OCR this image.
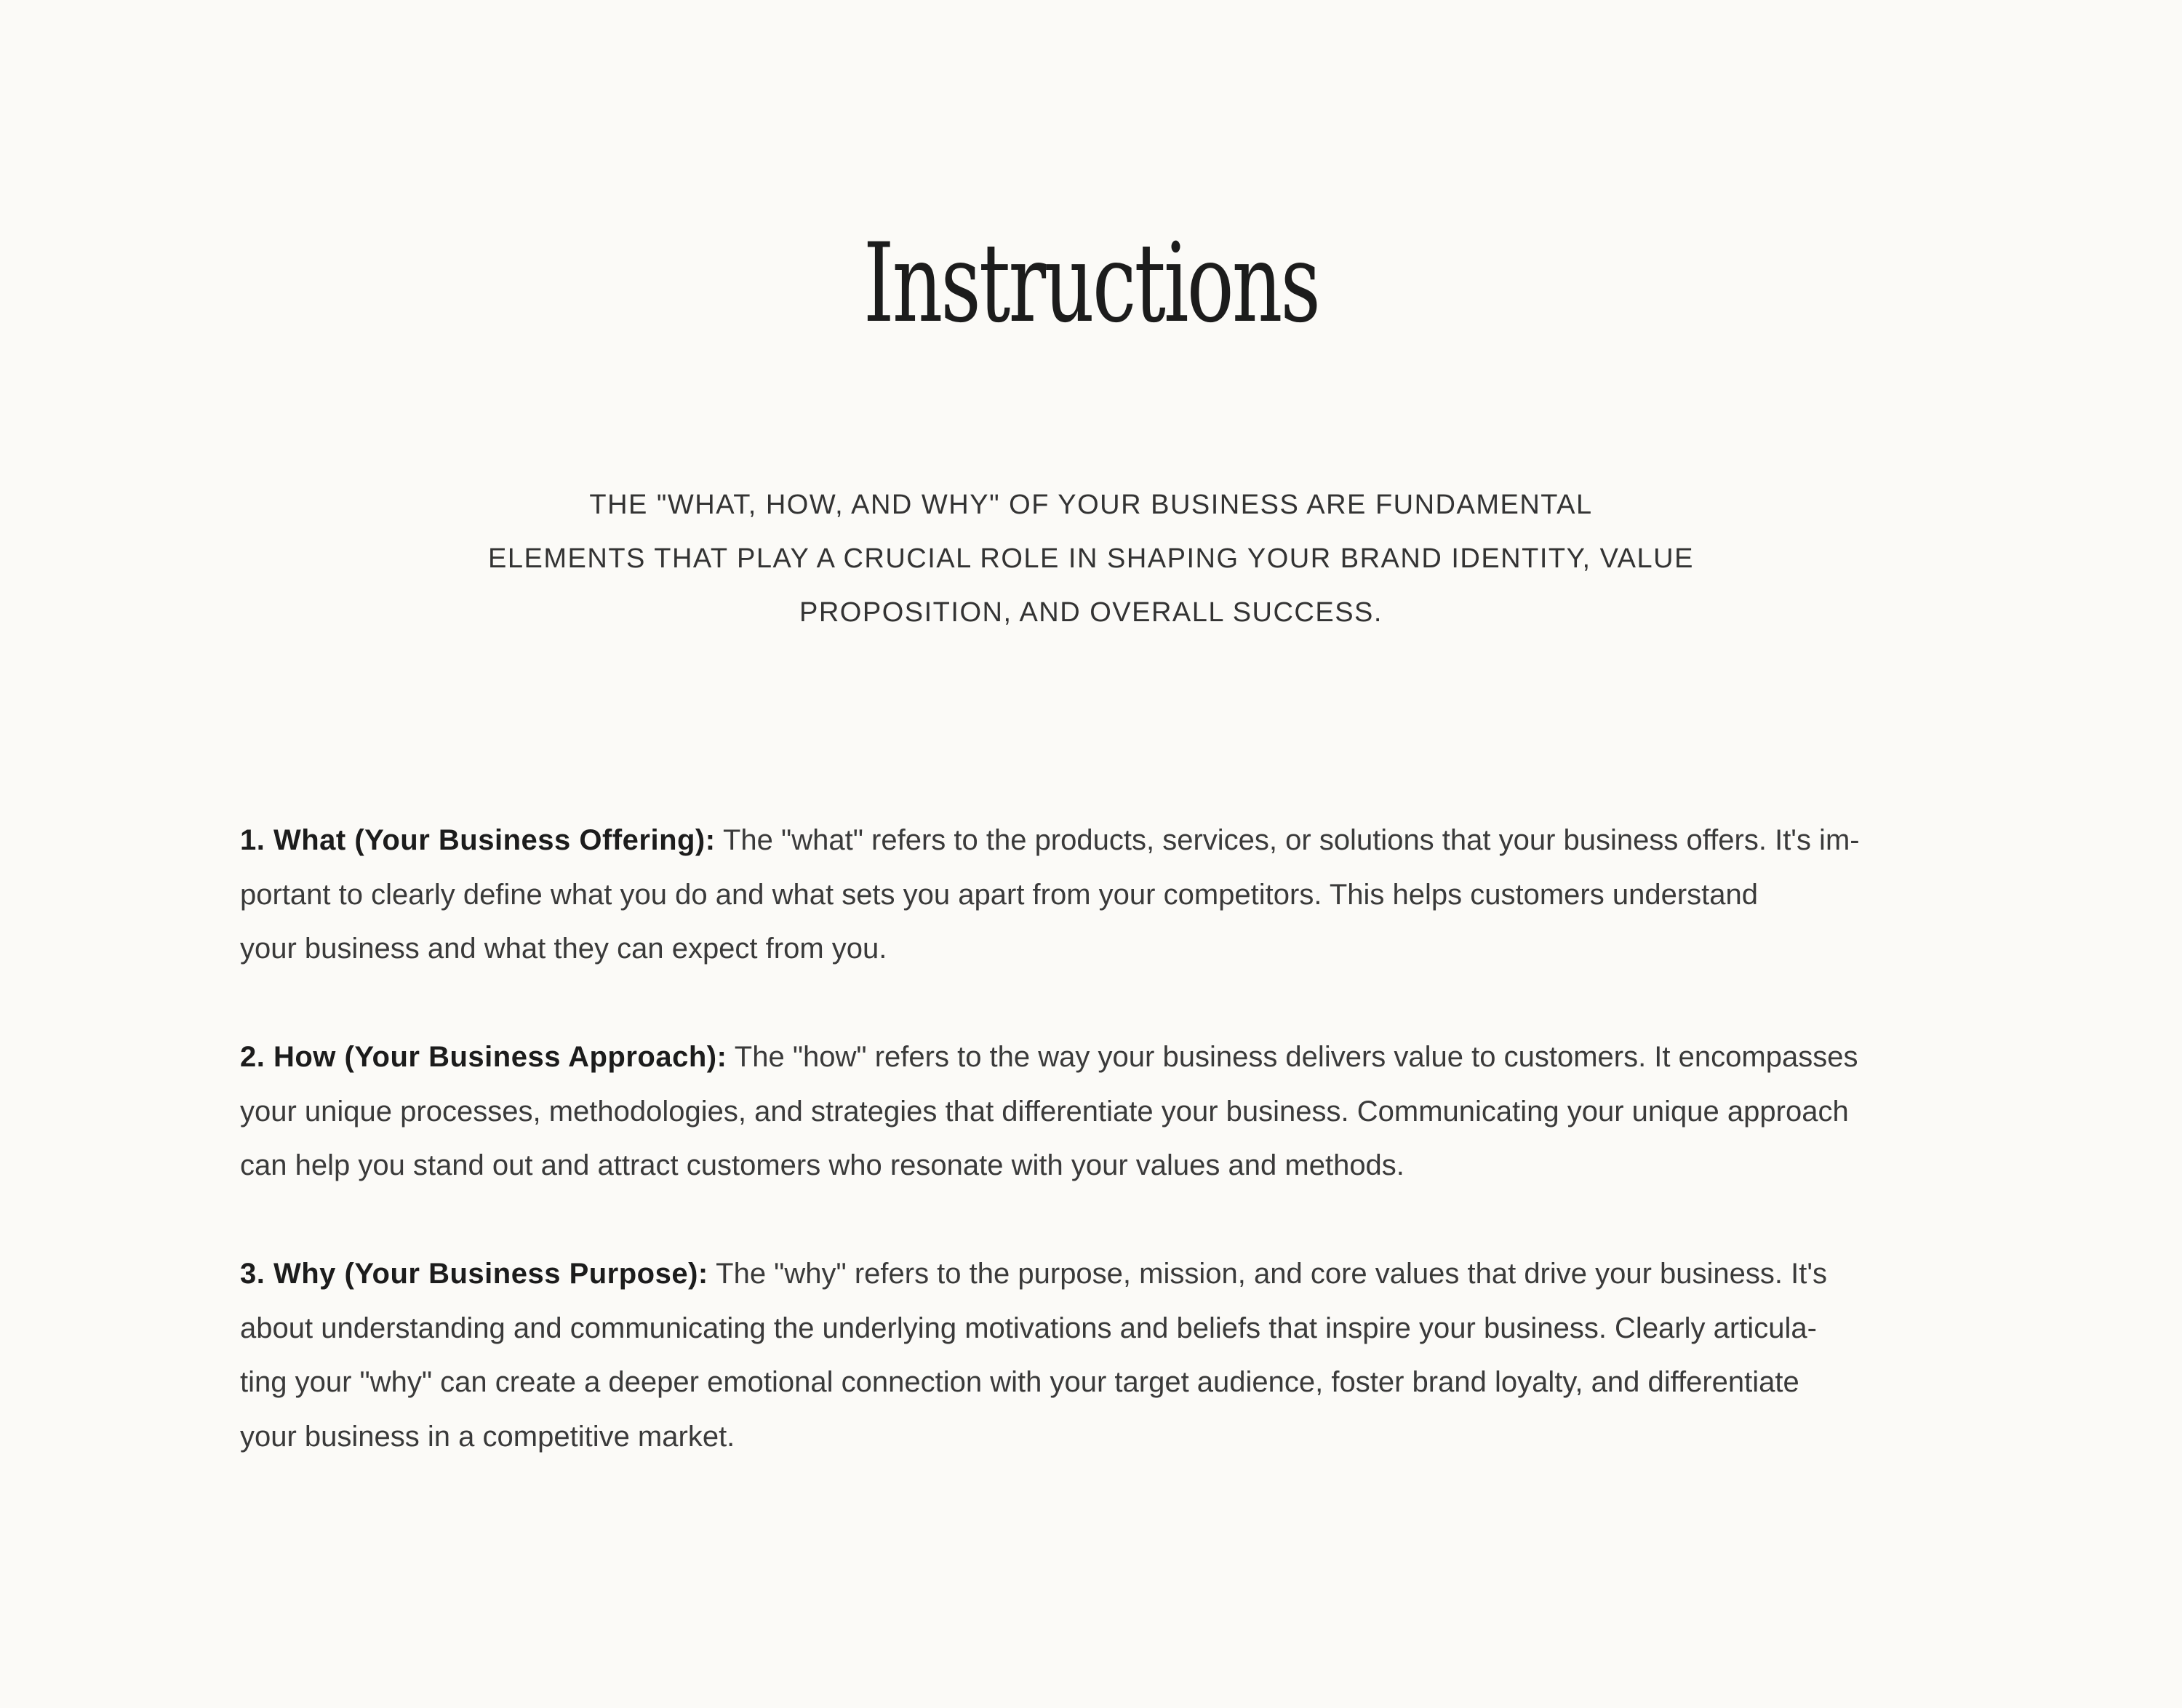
Instructions

THE "WHAT, HOW, AND WHY" OF YOUR BUSINESS ARE FUNDAMENTAL
ELEMENTS THAT PLAY A CRUCIAL ROLE IN SHAPING YOUR BRAND IDENTITY, VALUE
PROPOSITION, AND OVERALL SUCCESS.

1. What (Your Business Offering): The "what" refers to the products, services, or solutions that your business offers. It's im-
portant to clearly define what you do and what sets you apart from your competitors. This helps customers understand
your business and what they can expect from you.

2. How (Your Business Approach): The "how" refers to the way your business delivers value to customers. It encompasses
your unique processes, methodologies, and strategies that differentiate your business. Communicating your unique approach
can help you stand out and attract customers who resonate with your values and methods.

3. Why (Your Business Purpose): The "why" refers to the purpose, mission, and core values that drive your business. It's
about understanding and communicating the underlying motivations and beliefs that inspire your business. Clearly articula-
ting your "why" can create a deeper emotional connection with your target audience, foster brand loyalty, and differentiate
your business in a competitive market.
